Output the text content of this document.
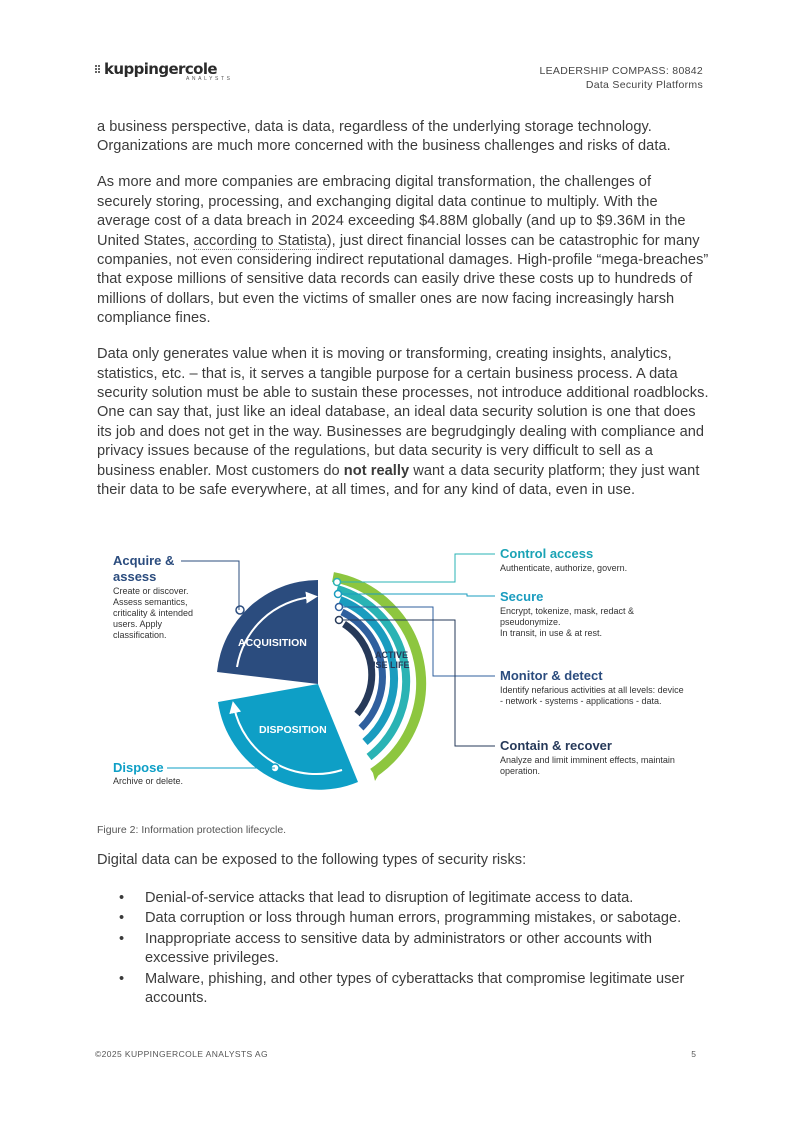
kuppingercole
ANALYSTS
LEADERSHIP COMPASS: 80842
Data Security Platforms

a business perspective, data is data, regardless of the underlying storage technology. Organizations are much more concerned with the business challenges and risks of data.

As more and more companies are embracing digital transformation, the challenges of securely storing, processing, and exchanging digital data continue to multiply. With the average cost of a data breach in 2024 exceeding $4.88M globally (and up to $9.36M in the United States, according to Statista), just direct financial losses can be catastrophic for many companies, not even considering indirect reputational damages. High-profile “mega-breaches” that expose millions of sensitive data records can easily drive these costs up to hundreds of millions of dollars, but even the victims of smaller ones are now facing increasingly harsh compliance fines.

Data only generates value when it is moving or transforming, creating insights, analytics, statistics, etc. – that is, it serves a tangible purpose for a certain business process. A data security solution must be able to sustain these processes, not introduce additional roadblocks. One can say that, just like an ideal database, an ideal data security solution is one that does its job and does not get in the way. Businesses are begrudgingly dealing with compliance and privacy issues because of the regulations, but data security is very difficult to sell as a business enabler. Most customers do not really want a data security platform; they just want their data to be safe everywhere, at all times, and for any kind of data, even in use.

ACQUISITION
DISPOSITION
ACTIVE
USE LIFE
Acquire &
assess
Create or discover.
Assess semantics,
criticality & intended
users. Apply
classification.
Dispose
Archive or delete.
Control access
Authenticate, authorize, govern.
Secure
Encrypt, tokenize, mask, redact &
pseudonymize.
In transit, in use & at rest.
Monitor & detect
Identify nefarious activities at all levels: device
- network - systems - applications - data.
Contain & recover
Analyze and limit imminent effects, maintain
operation.
Figure 2: Information protection lifecycle.
Digital data can be exposed to the following types of security risks:
• Denial-of-service attacks that lead to disruption of legitimate access to data.
• Data corruption or loss through human errors, programming mistakes, or sabotage.
• Inappropriate access to sensitive data by administrators or other accounts with excessive privileges.
• Malware, phishing, and other types of cyberattacks that compromise legitimate user accounts.
©2025 KUPPINGERCOLE ANALYSTS AG	5
